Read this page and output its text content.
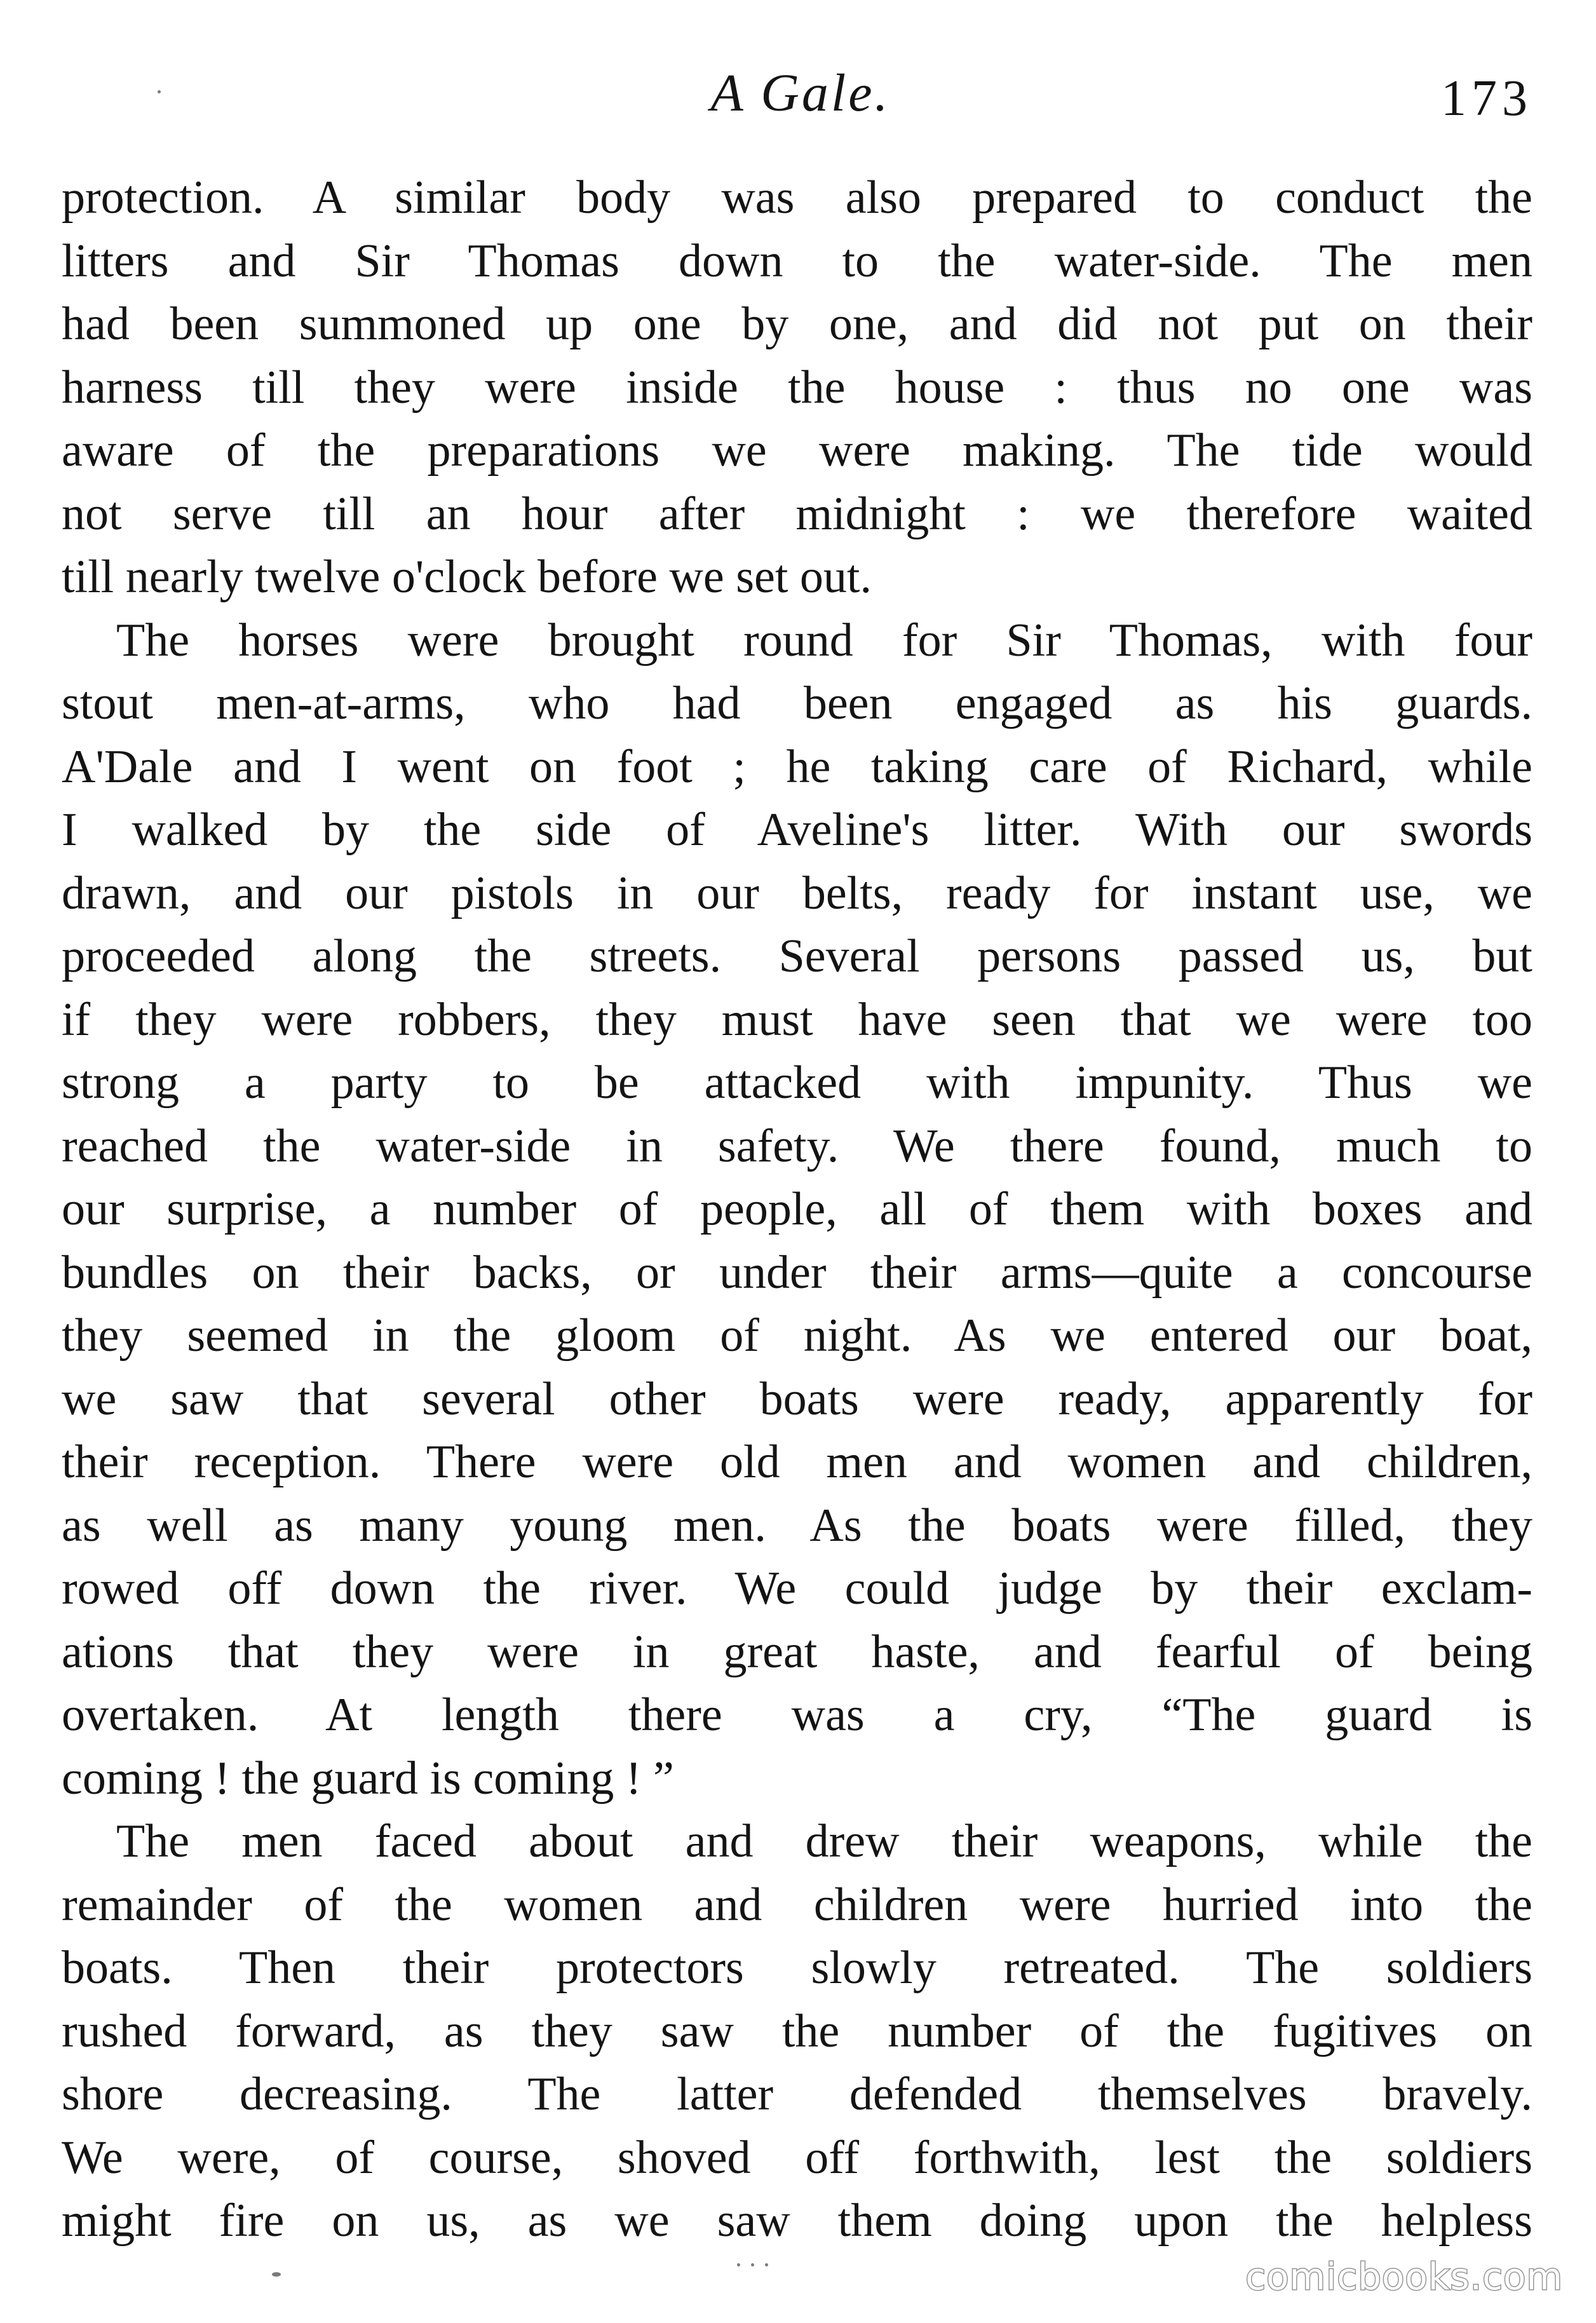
A Gale.	173
protection. A similar body was also prepared to conduct the
litters and Sir Thomas down to the water-side. The men
had been summoned up one by one, and did not put on their
harness till they were inside the house : thus no one was
aware of the preparations we were making. The tide would
not serve till an hour after midnight : we therefore waited
till nearly twelve o'clock before we set out.
The horses were brought round for Sir Thomas, with four
stout men-at-arms, who had been engaged as his guards.
A'Dale and I went on foot ; he taking care of Richard, while
I walked by the side of Aveline's litter. With our swords
drawn, and our pistols in our belts, ready for instant use, we
proceeded along the streets. Several persons passed us, but
if they were robbers, they must have seen that we were too
strong a party to be attacked with impunity. Thus we
reached the water-side in safety. We there found, much to
our surprise, a number of people, all of them with boxes and
bundles on their backs, or under their arms—quite a concourse
they seemed in the gloom of night. As we entered our boat,
we saw that several other boats were ready, apparently for
their reception. There were old men and women and children,
as well as many young men. As the boats were filled, they
rowed off down the river. We could judge by their exclam-
ations that they were in great haste, and fearful of being
overtaken. At length there was a cry, “The guard is
coming ! the guard is coming ! ”
The men faced about and drew their weapons, while the
remainder of the women and children were hurried into the
boats. Then their protectors slowly retreated. The soldiers
rushed forward, as they saw the number of the fugitives on
shore decreasing. The latter defended themselves bravely.
We were, of course, shoved off forthwith, lest the soldiers
might fire on us, as we saw them doing upon the helpless
comicbooks.com
